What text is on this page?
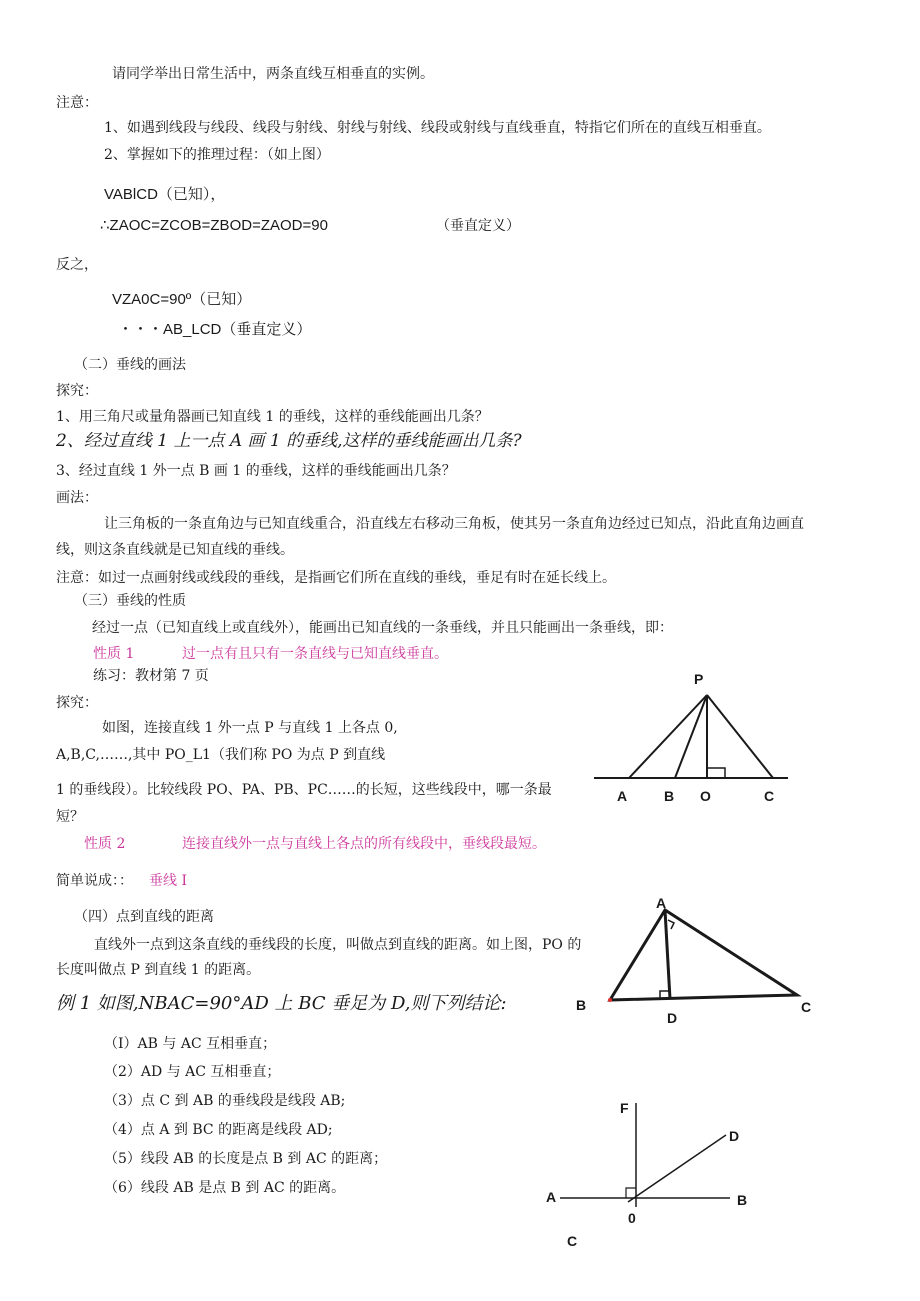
请同学举出日常生活中，两条直线互相垂直的实例。
注意：
1、如遇到线段与线段、线段与射线、射线与射线、线段或射线与直线垂直，特指它们所在的直线互相垂直。
2、掌握如下的推理过程：（如上图）
VABlCD（已知），
∴ZAOC=ZCOB=ZBOD=ZAOD=90	（垂直定义）
反之，
VZA0C=90º（已知）
・・・AB_LCD（垂直定义）
（二）垂线的画法
探究：
1、用三角尺或量角器画已知直线 1 的垂线，这样的垂线能画出几条？
2、经过直线 1 上一点 A 画 1 的垂线,这样的垂线能画出几条?
3、经过直线 1 外一点 B 画 1 的垂线，这样的垂线能画出几条？
画法：
让三角板的一条直角边与已知直线重合，沿直线左右移动三角板，使其另一条直角边经过已知点，沿此直角边画直
线，则这条直线就是已知直线的垂线。
注意：如过一点画射线或线段的垂线，是指画它们所在直线的垂线，垂足有时在延长线上。
（三）垂线的性质
经过一点（已知直线上或直线外），能画出已知直线的一条垂线，并且只能画出一条垂线，即：
性质 1	过一点有且只有一条直线与已知直线垂直。
练习：教材第 7 页
探究：
如图，连接直线 1 外一点 P 与直线 1 上各点 0,
A,B,C,……,其中 PO_L1（我们称 PO 为点 P 到直线
1 的垂线段）。比较线段 PO、PA、PB、PC……的长短，这些线段中，哪一条最
短？
性质 2	连接直线外一点与直线上各点的所有线段中，垂线段最短。
简单说成：： 垂线 I
（四）点到直线的距离
直线外一点到这条直线的垂线段的长度，叫做点到直线的距离。如上图，PO 的
长度叫做点 P 到直线 1 的距离。
例 1 如图,NBAC=90°AD 上 BC 垂足为 D,则下列结论:
（I）AB 与 AC 互相垂直；
（2）AD 与 AC 互相垂直；
（3）点 C 到 AB 的垂线段是线段 AB;
（4）点 A 到 BC 的距离是线段 AD;
（5）线段 AB 的长度是点 B 到 AC 的距离；
（6）线段 AB 是点 B 到 AC 的距离。
P
A	B O	C
A
B	C
D
F
D
A	B
0
C
